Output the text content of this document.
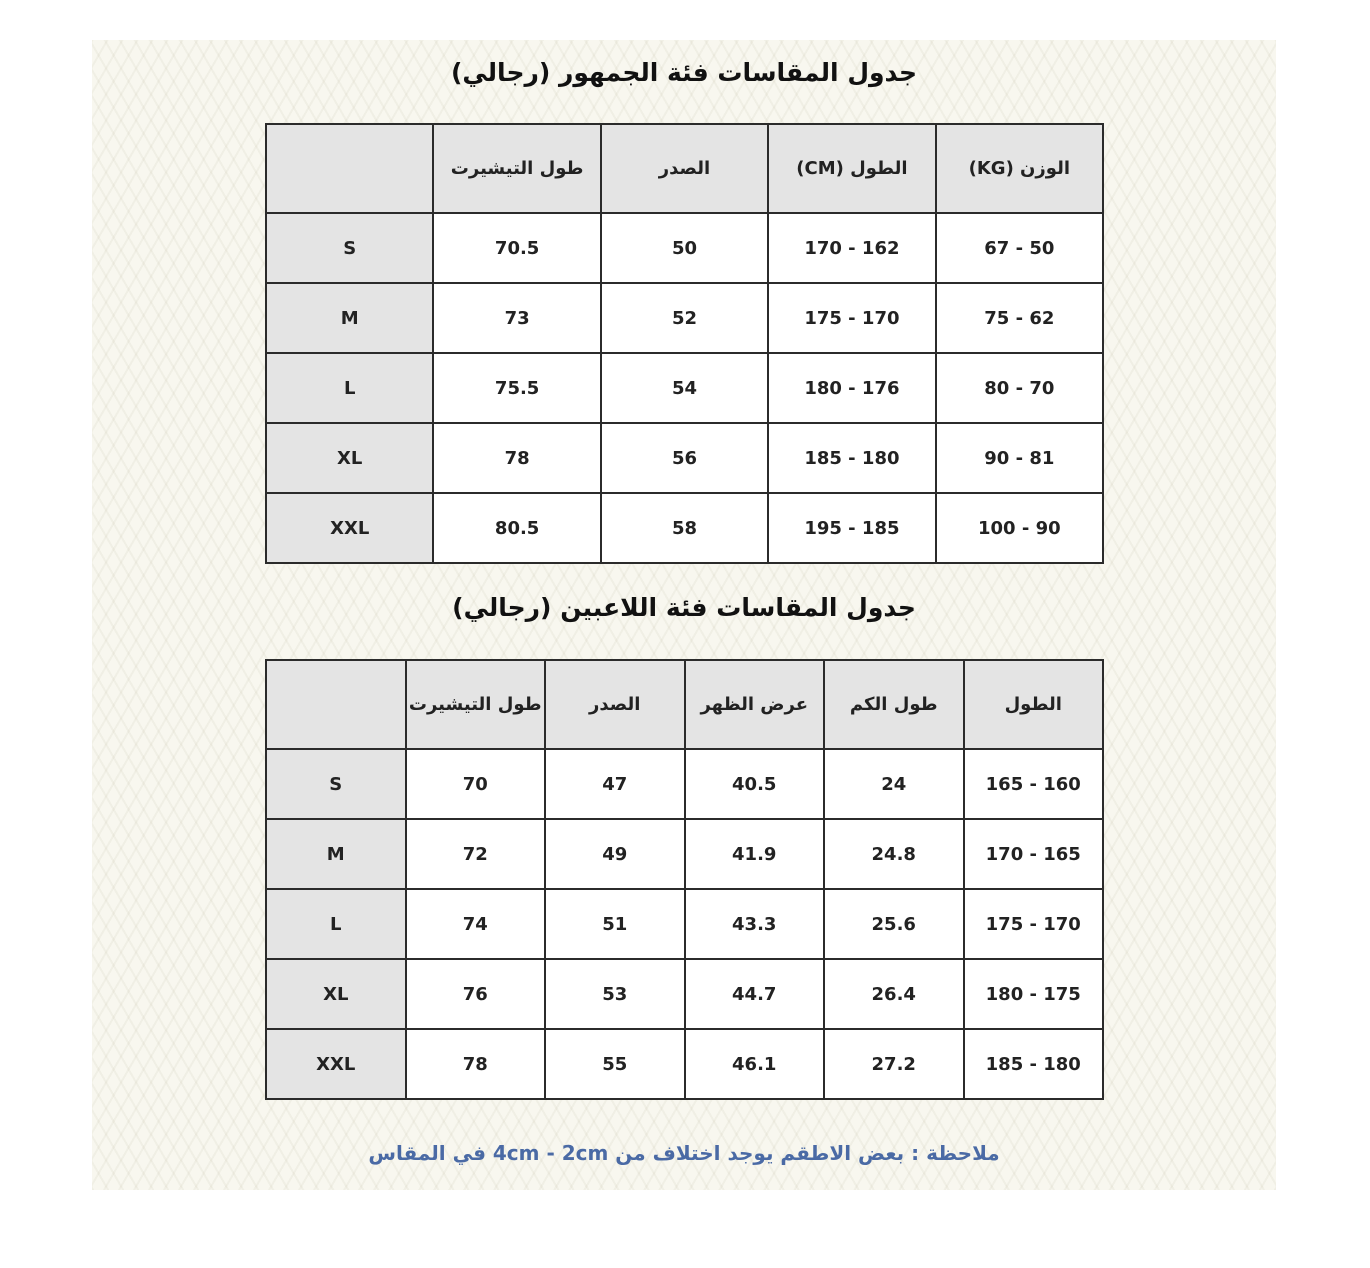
جدول المقاسات فئة الجمهور (رجالي)
الوزن (KG)	الطول (CM)	الصدر	طول التيشيرت	
50 - 67	162 - 170	50	70.5	S
62 - 75	170 - 175	52	73	M
70 - 80	176 - 180	54	75.5	L
81 - 90	180 - 185	56	78	XL
90 - 100	185 - 195	58	80.5	XXL
جدول المقاسات فئة اللاعبين (رجالي)
الطول	طول الكم	عرض الظهر	الصدر	طول التيشيرت	
160 - 165	24	40.5	47	70	S
165 - 170	24.8	41.9	49	72	M
170 - 175	25.6	43.3	51	74	L
175 - 180	26.4	44.7	53	76	XL
180 - 185	27.2	46.1	55	78	XXL
ملاحظة : بعض الاطقم يوجد اختلاف من 4cm - 2cm في المقاس
